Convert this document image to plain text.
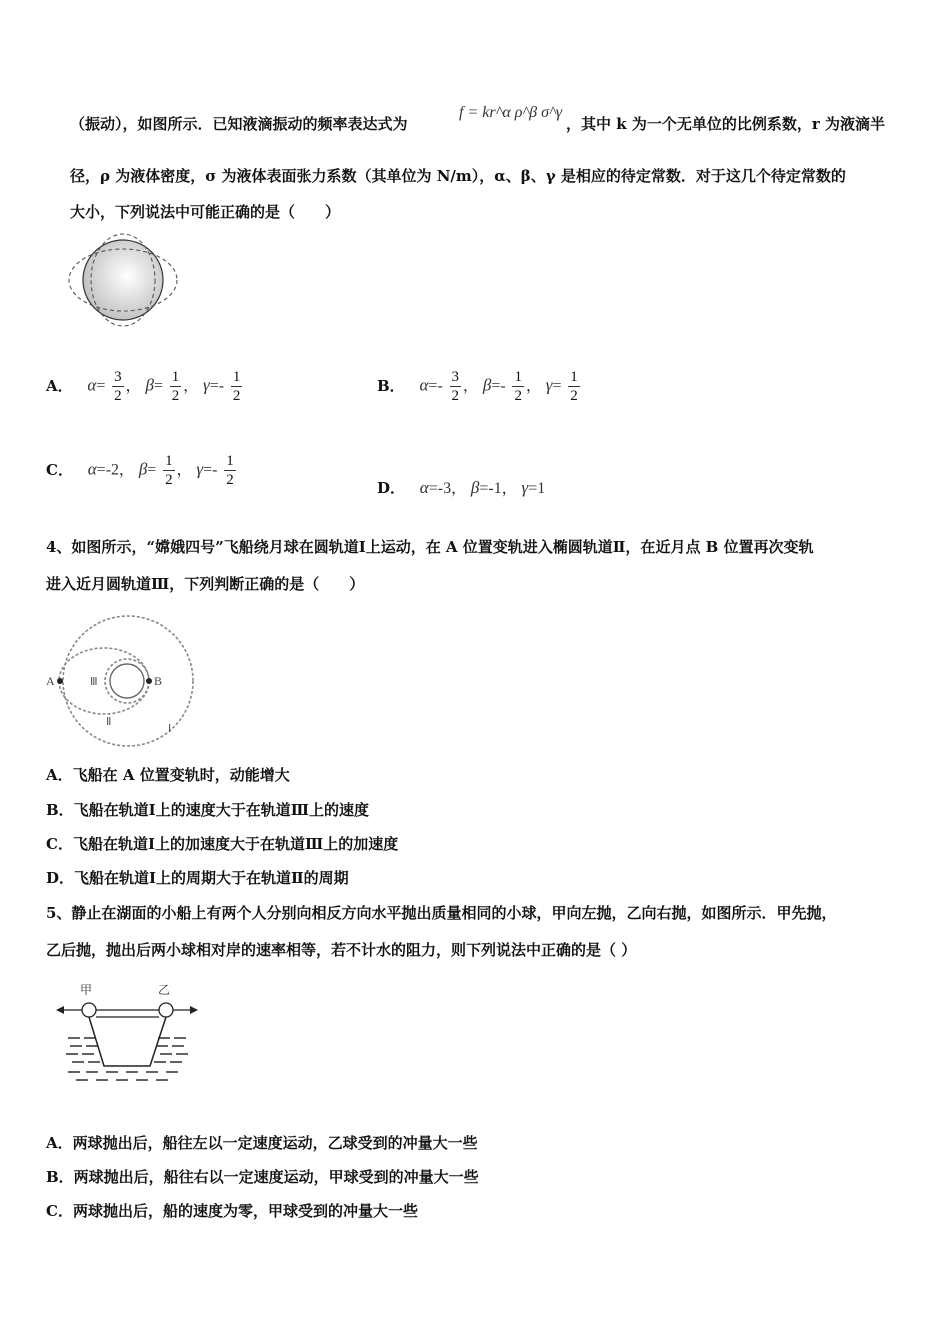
（振动），如图所示．已知液滴振动的频率表达式为
f = kr^α ρ^β σ^γ
，其中 k 为一个无单位的比例系数，r 为液滴半
径，ρ 为液体密度，σ 为液体表面张力系数（其单位为 N/m），α、β、γ 是相应的待定常数．对于这几个待定常数的
大小，下列说法中可能正确的是（　　）
A． $\alpha= \frac{3}{2}$ ， $\beta= \frac{1}{2}$ ， $\gamma=- \frac{1}{2}$	B． $\alpha=- \frac{3}{2}$ ， $\beta=- \frac{1}{2}$ ， $\gamma= \frac{1}{2}$
C． α=-2， $\beta= \frac{1}{2}$ ， $\gamma=- \frac{1}{2}$	D． α=-3， β=-1， γ=1
4、如图所示，“嫦娥四号”飞船绕月球在圆轨道Ⅰ上运动，在 A 位置变轨进入椭圆轨道Ⅱ，在近月点 B 位置再次变轨
进入近月圆轨道Ⅲ，下列判断正确的是（　　）
A	B
Ⅲ
Ⅱ
Ⅰ
A．飞船在 A 位置变轨时，动能增大
B．飞船在轨道Ⅰ上的速度大于在轨道Ⅲ上的速度
C．飞船在轨道Ⅰ上的加速度大于在轨道Ⅲ上的加速度
D．飞船在轨道Ⅰ上的周期大于在轨道Ⅱ的周期
5、静止在湖面的小船上有两个人分别向相反方向水平抛出质量相同的小球，甲向左抛，乙向右抛，如图所示．甲先抛，
乙后抛，抛出后两小球相对岸的速率相等，若不计水的阻力，则下列说法中正确的是（ ）
甲	乙
A．两球抛出后，船往左以一定速度运动，乙球受到的冲量大一些
B．两球抛出后，船往右以一定速度运动，甲球受到的冲量大一些
C．两球抛出后，船的速度为零，甲球受到的冲量大一些
